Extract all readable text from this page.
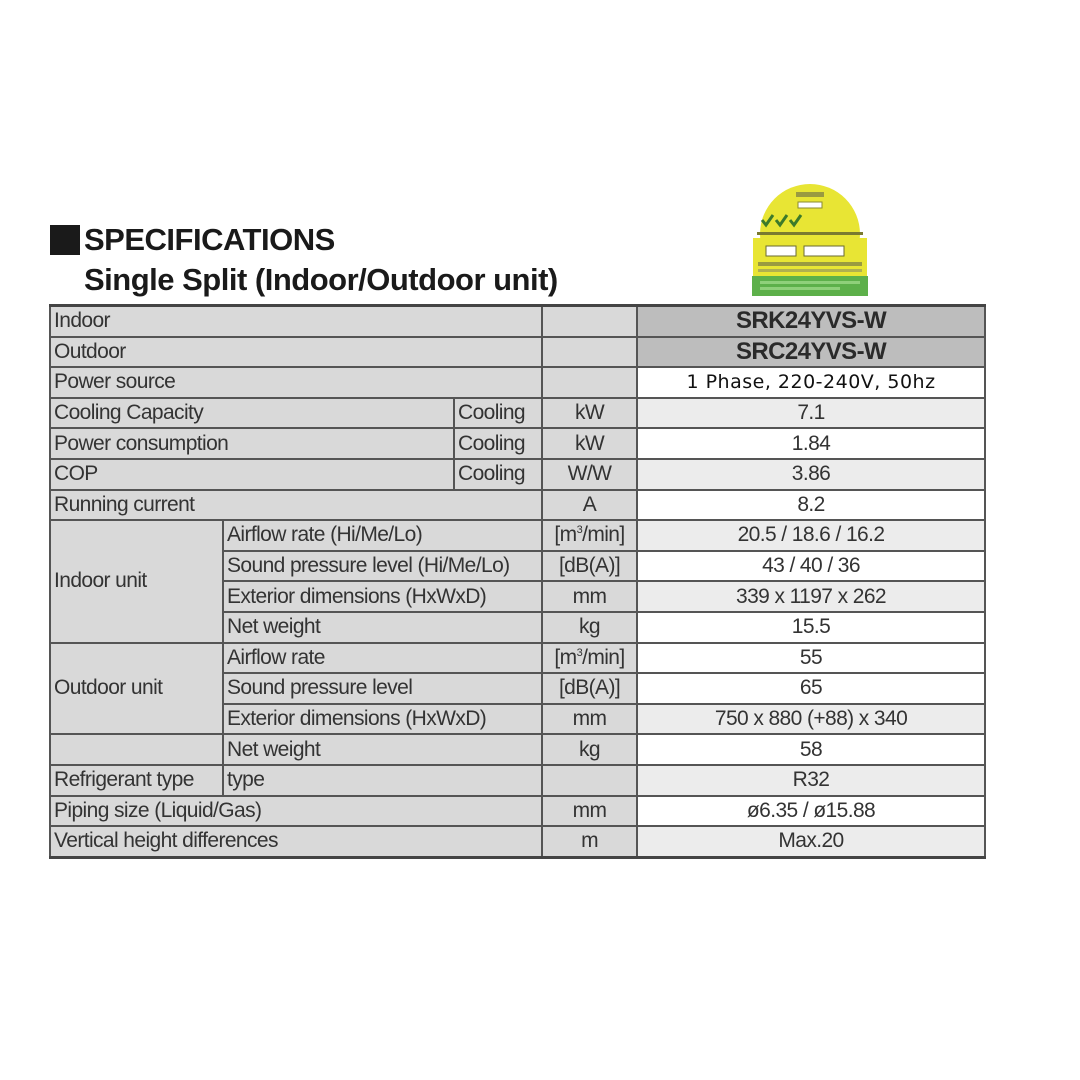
SPECIFICATIONS
Single Split (Indoor/Outdoor unit)
Indoor				SRK24YVS-W
Outdoor				SRC24YVS-W
Power source				1 Phase, 220-240V, 50hz
Cooling Capacity		Cooling	kW	7.1
Power consumption		Cooling	kW	1.84
COP		Cooling	W/W	3.86
Running current			A	8.2
Indoor unit	Airflow rate (Hi/Me/Lo)		$[m^3/\min]$	20.5 / 18.6 / 16.2
	Sound pressure level (Hi/Me/Lo)		[dB(A)]	43 / 40 / 36
	Exterior dimensions (HxWxD)		mm	339 x 1197 x 262
	Net weight		kg	15.5
Outdoor unit	Airflow rate		$[m^3/\min]$	55
	Sound pressure level		[dB(A)]	65
	Exterior dimensions (HxWxD)		mm	750 x 880 (+88) x 340
	Net weight		kg	58
Refrigerant type	type			R32
Piping size (Liquid/Gas)			mm	ø6.35 / ø15.88
Vertical height differences			m	Max.20
